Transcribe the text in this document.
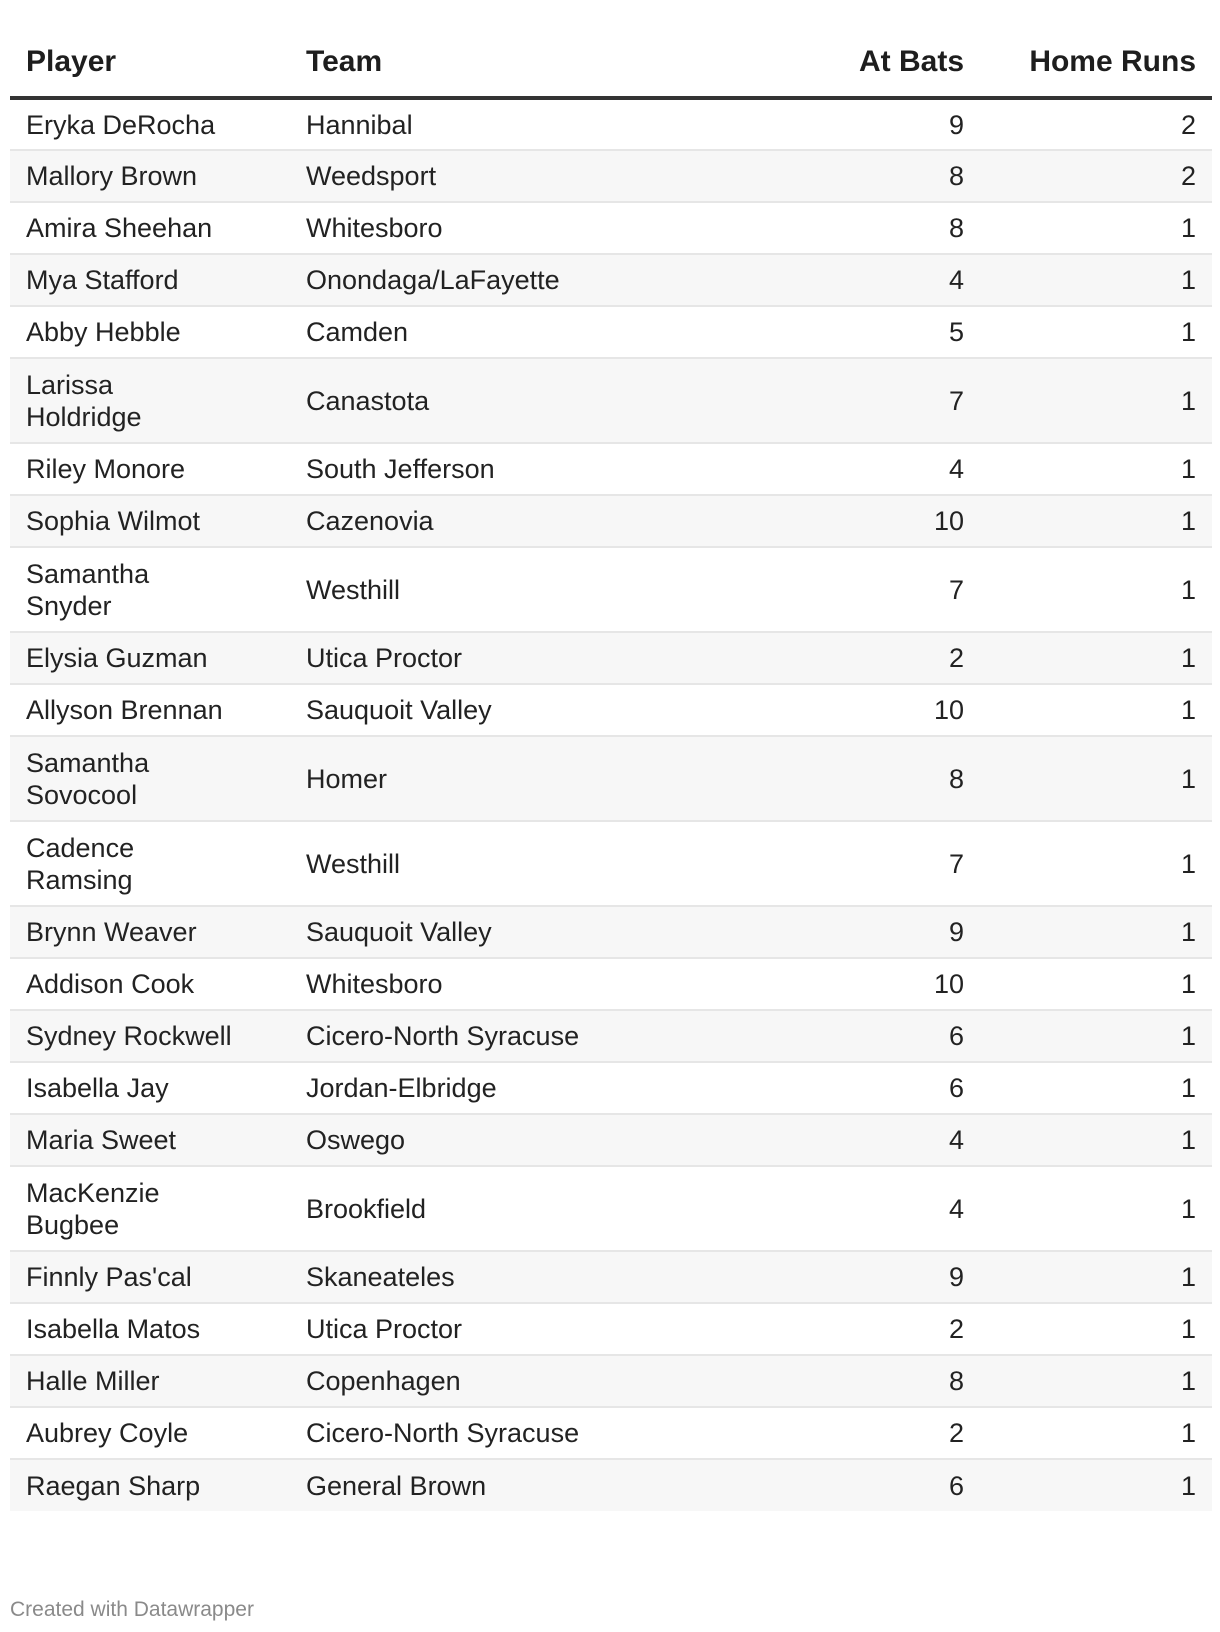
Player	Team	At Bats	Home Runs
Eryka DeRocha	Hannibal	9	2
Mallory Brown	Weedsport	8	2
Amira Sheehan	Whitesboro	8	1
Mya Stafford	Onondaga/LaFayette	4	1
Abby Hebble	Camden	5	1
Larissa Holdridge	Canastota	7	1
Riley Monore	South Jefferson	4	1
Sophia Wilmot	Cazenovia	10	1
Samantha Snyder	Westhill	7	1
Elysia Guzman	Utica Proctor	2	1
Allyson Brennan	Sauquoit Valley	10	1
Samantha Sovocool	Homer	8	1
Cadence Ramsing	Westhill	7	1
Brynn Weaver	Sauquoit Valley	9	1
Addison Cook	Whitesboro	10	1
Sydney Rockwell	Cicero-North Syracuse	6	1
Isabella Jay	Jordan-Elbridge	6	1
Maria Sweet	Oswego	4	1
MacKenzie Bugbee	Brookfield	4	1
Finnly Pas'cal	Skaneateles	9	1
Isabella Matos	Utica Proctor	2	1
Halle Miller	Copenhagen	8	1
Aubrey Coyle	Cicero-North Syracuse	2	1
Raegan Sharp	General Brown	6	1
Created with Datawrapper
